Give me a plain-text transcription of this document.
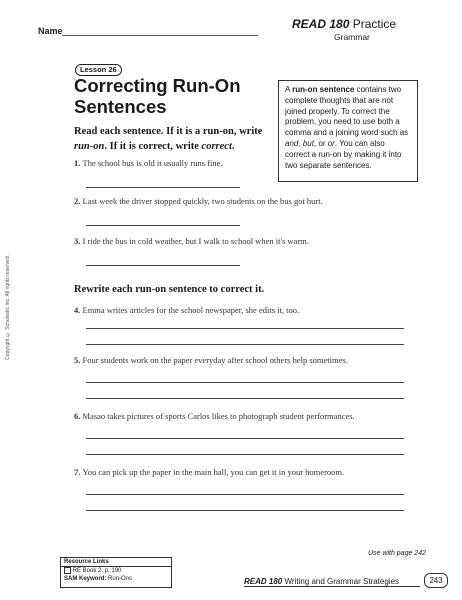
Name	READ 180 Practice
Grammar
Lesson 26
Correcting Run-On Sentences
A run-on sentence contains two complete thoughts that are not joined properly. To correct the problem, you need to use both a comma and a joining word such as and, but, or or. You can also correct a run-on by making it into two separate sentences.
Read each sentence. If it is a run-on, write run-on. If it is correct, write correct.
1. The school bus is old it usually runs fine.
2. Last week the driver stopped quickly, two students on the bus got hurt.
3. I ride the bus in cold weather, but I walk to school when it's warm.
Rewrite each run-on sentence to correct it.
4. Emma writes articles for the school newspaper, she edits it, too.
5. Four students work on the paper everyday after school others help sometimes.
6. Masao takes pictures of sports Carlos likes to photograph student performances.
7. You can pick up the paper in the main hall, you can get it in your homeroom.
Copyright © Scholastic Inc. All rights reserved.
Resource Links
RE Book 2, p. 190
SAM Keyword: Run-Ons
Use with page 242
READ 180 Writing and Grammar Strategies	243
